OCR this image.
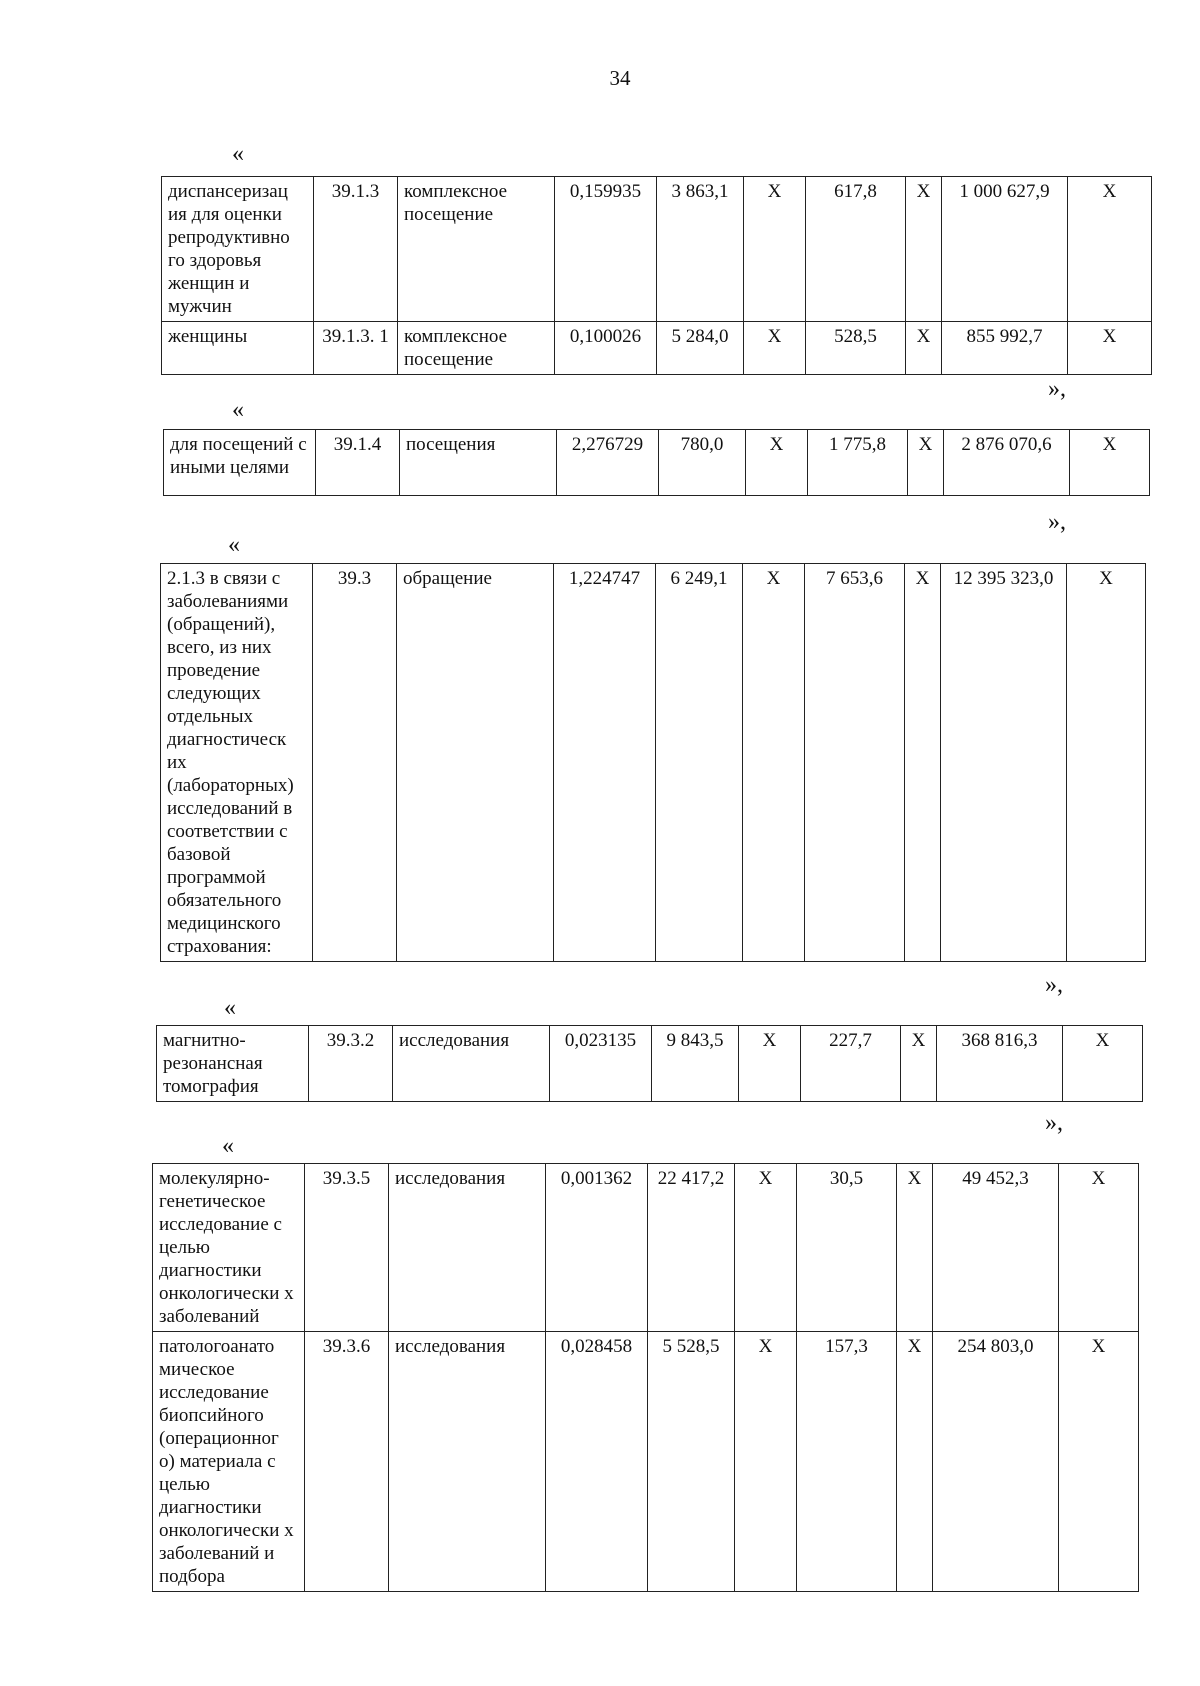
34
«
диспансеризац ия для оценки репродуктивно го здоровья женщин и мужчин	39.1.3	комплексное посещение	0,159935	3 863,1	Х	617,8	Х	1 000 627,9	Х
женщины	39.1.3. 1	комплексное посещение	0,100026	5 284,0	Х	528,5	Х	855 992,7	Х
»,
«
для посещений с иными целями	39.1.4	посещения	2,276729	780,0	Х	1 775,8	Х	2 876 070,6	Х
»,
«
2.1.3 в связи с заболеваниями (обращений), всего, из них проведение следующих отдельных диагностическ их (лабораторных) исследований в соответствии с базовой программой обязательного медицинского страхования:	39.3	обращение	1,224747	6 249,1	Х	7 653,6	Х	12 395 323,0	Х
»,
«
магнитно-резонансная томография	39.3.2	исследования	0,023135	9 843,5	Х	227,7	Х	368 816,3	Х
»,
«
молекулярно-генетическое исследование с целью диагностики онкологически х заболеваний	39.3.5	исследования	0,001362	22 417,2	Х	30,5	Х	49 452,3	Х
патологоанато мическое исследование биопсийного (операционног о) материала с целью диагностики онкологически х заболеваний и подбора	39.3.6	исследования	0,028458	5 528,5	Х	157,3	Х	254 803,0	Х
